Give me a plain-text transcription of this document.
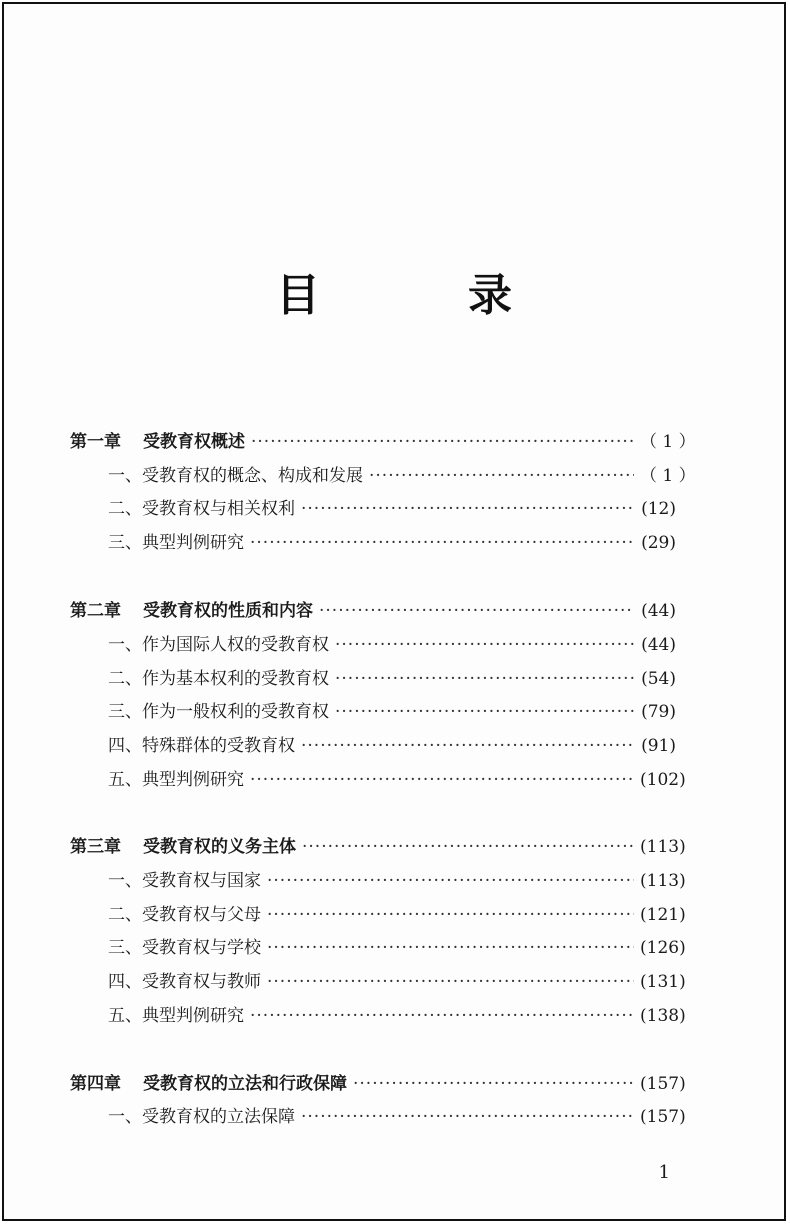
目　录
第一章 受教育权概述 ·····	（ 1 ）
一、受教育权的概念、构成和发展 ·····	（ 1 ）
二、受教育权与相关权利 ·····	(12)
三、典型判例研究 ·····	(29)
第二章 受教育权的性质和内容 ·····	(44)
一、作为国际人权的受教育权 ·····	(44)
二、作为基本权利的受教育权 ·····	(54)
三、作为一般权利的受教育权 ·····	(79)
四、特殊群体的受教育权 ·····	(91)
五、典型判例研究 ·····	(102)
第三章 受教育权的义务主体 ·····	(113)
一、受教育权与国家 ·····	(113)
二、受教育权与父母 ·····	(121)
三、受教育权与学校 ·····	(126)
四、受教育权与教师 ·····	(131)
五、典型判例研究 ·····	(138)
第四章 受教育权的立法和行政保障 ·····	(157)
一、受教育权的立法保障 ·····	(157)
1
